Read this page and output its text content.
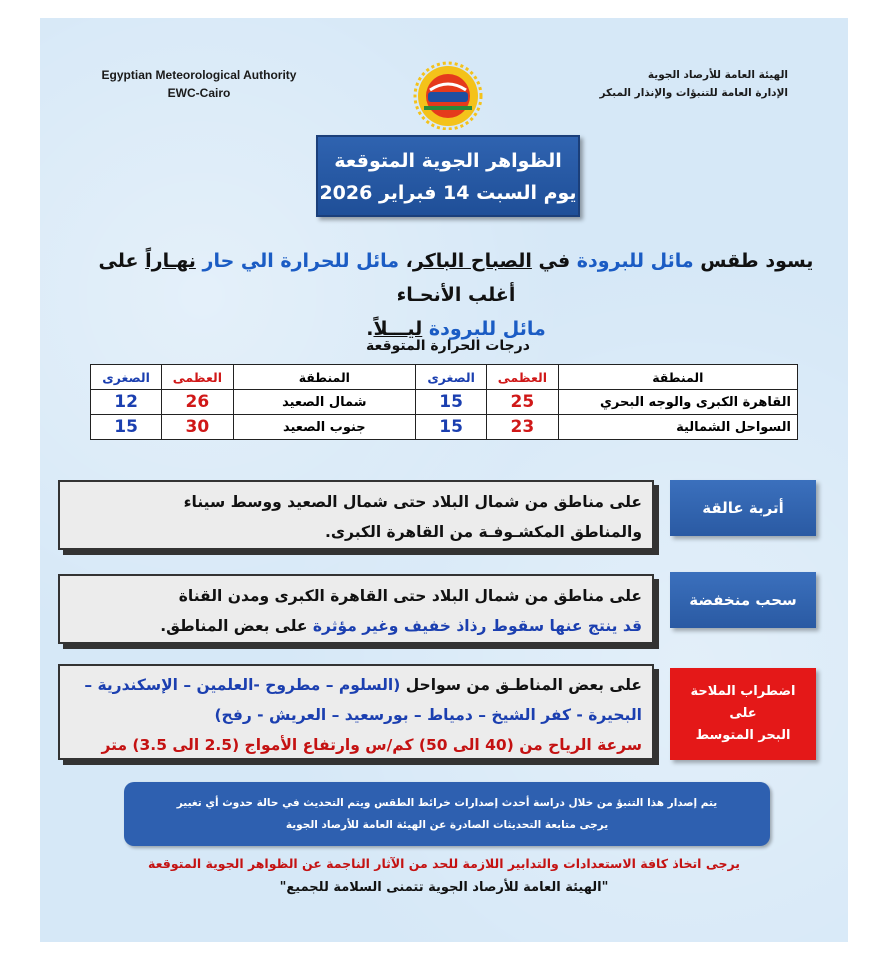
Egyptian Meteorological Authority
EWC-Cairo
الهيئة العامة للأرصاد الجوية
الإدارة العامة للتنبؤات والإنذار المبكر
الظواهر الجوية المتوقعة
يوم السبت 14 فبراير 2026
يسود طقس مائل للبرودة في الصباح الباكر، مائل للحرارة الي حار نهـاراً على أغلب الأنحـاء
مائل للبرودة ليـــلاً.
درجات الحرارة المتوقعة
المنطقة	العظمى	الصغرى	المنطقة	العظمى	الصغرى
القاهرة الكبرى والوجه البحري	25	15	شمال الصعيد	26	12
السواحل الشمالية	23	15	جنوب الصعيد	30	15
على مناطق من شمال البلاد حتى شمال الصعيد ووسط سيناء
والمناطق المكشـوفـة من القاهرة الكبرى.
أتربة عالقة
على مناطق من شمال البلاد حتى القاهرة الكبرى ومدن القناة
قد ينتج عنها سقوط رذاذ خفيف وغير مؤثرة على بعض المناطق.
سحب منخفضة
على بعض المناطـق من سواحل (السلوم – مطروح -العلمين – الإسكندرية –
البحيرة - كفر الشيخ – دمياط – بورسعيد – العريش - رفح)
سرعة الرياح من (40 الى 50) كم/س وارتفاع الأمواج (2.5 الى 3.5) متر
اضطراب الملاحة على
البحر المتوسط
يتم إصدار هذا التنبؤ من خلال دراسة أحدث إصدارات خرائط الطقس ويتم التحديث في حالة حدوث أي تغيير
يرجى متابعة التحديثات الصادرة عن الهيئة العامة للأرصاد الجوية
يرجى اتخاذ كافة الاستعدادات والتدابير اللازمة للحد من الآثار الناجمة عن الظواهر الجوية المتوقعة
"الهيئة العامة للأرصاد الجوية تتمنى السلامة للجميع"
